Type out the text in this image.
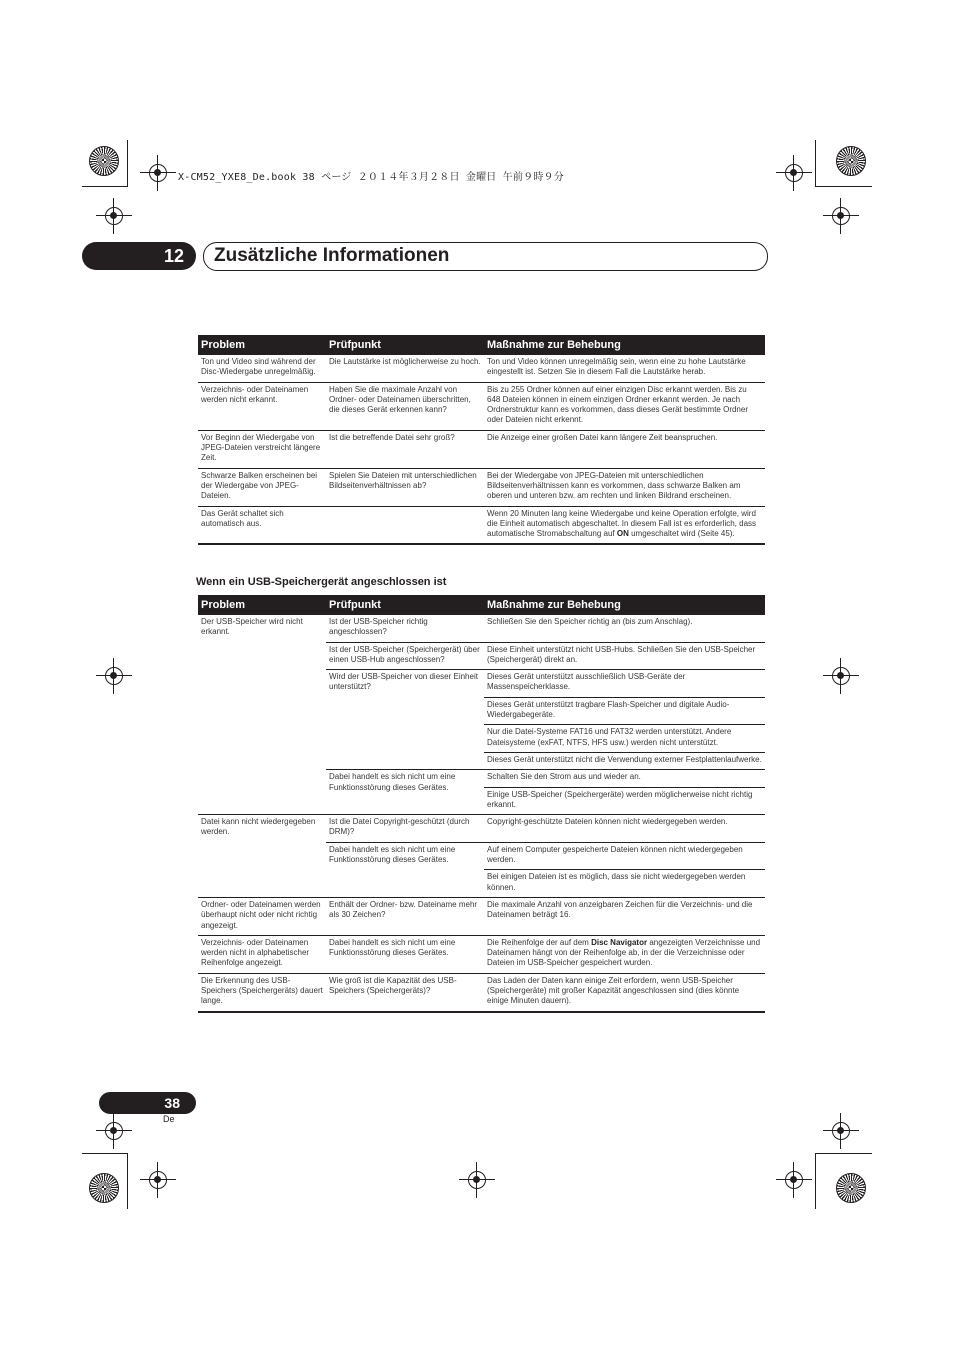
X-CM52_YXE8_De.book 38 ページ ２０１４年３月２８日 金曜日 午前９時９分
12 Zusätzliche Informationen
Problem	Prüfpunkt	Maßnahme zur Behebung
Ton und Video sind während der Disc-Wiedergabe unregelmäßig.	Die Lautstärke ist möglicherweise zu hoch.	Ton und Video können unregelmäßig sein, wenn eine zu hohe Lautstärke eingestellt ist. Setzen Sie in diesem Fall die Lautstärke herab.
Verzeichnis- oder Dateinamen werden nicht erkannt.	Haben Sie die maximale Anzahl von Ordner- oder Dateinamen überschritten, die dieses Gerät erkennen kann?	Bis zu 255 Ordner können auf einer einzigen Disc erkannt werden. Bis zu 648 Dateien können in einem einzigen Ordner erkannt werden. Je nach Ordnerstruktur kann es vorkommen, dass dieses Gerät bestimmte Ordner oder Dateien nicht erkennt.
Vor Beginn der Wiedergabe von JPEG-Dateien verstreicht längere Zeit.	Ist die betreffende Datei sehr groß?	Die Anzeige einer großen Datei kann längere Zeit beanspruchen.
Schwarze Balken erscheinen bei der Wiedergabe von JPEG-Dateien.	Spielen Sie Dateien mit unterschiedlichen Bildseitenverhältnissen ab?	Bei der Wiedergabe von JPEG-Dateien mit unterschiedlichen Bildseitenverhältnissen kann es vorkommen, dass schwarze Balken am oberen und unteren bzw. am rechten und linken Bildrand erscheinen.
Das Gerät schaltet sich automatisch aus.		Wenn 20 Minuten lang keine Wiedergabe und keine Operation erfolgte, wird die Einheit automatisch abgeschaltet. In diesem Fall ist es erforderlich, dass automatische Stromabschaltung auf ON umgeschaltet wird (Seite 45).
Wenn ein USB-Speichergerät angeschlossen ist
Problem	Prüfpunkt	Maßnahme zur Behebung
Der USB-Speicher wird nicht erkannt.	Ist der USB-Speicher richtig angeschlossen?	Schließen Sie den Speicher richtig an (bis zum Anschlag).
	Ist der USB-Speicher (Speichergerät) über einen USB-Hub angeschlossen?	Diese Einheit unterstützt nicht USB-Hubs. Schließen Sie den USB-Speicher (Speichergerät) direkt an.
	Wird der USB-Speicher von dieser Einheit unterstützt?	Dieses Gerät unterstützt ausschließlich USB-Geräte der Massenspeicherklasse.
		Dieses Gerät unterstützt tragbare Flash-Speicher und digitale Audio-Wiedergabegeräte.
		Nur die Datei-Systeme FAT16 und FAT32 werden unterstützt. Andere Dateisysteme (exFAT, NTFS, HFS usw.) werden nicht unterstützt.
		Dieses Gerät unterstützt nicht die Verwendung externer Festplattenlaufwerke.
	Dabei handelt es sich nicht um eine Funktionsstörung dieses Gerätes.	Schalten Sie den Strom aus und wieder an.
		Einige USB-Speicher (Speichergeräte) werden möglicherweise nicht richtig erkannt.
Datei kann nicht wiedergegeben werden.	Ist die Datei Copyright-geschützt (durch DRM)?	Copyright-geschützte Dateien können nicht wiedergegeben werden.
	Dabei handelt es sich nicht um eine Funktionsstörung dieses Gerätes.	Auf einem Computer gespeicherte Dateien können nicht wiedergegeben werden.
		Bei einigen Dateien ist es möglich, dass sie nicht wiedergegeben werden können.
Ordner- oder Dateinamen werden überhaupt nicht oder nicht richtig angezeigt.	Enthält der Ordner- bzw. Dateiname mehr als 30 Zeichen?	Die maximale Anzahl von anzeigbaren Zeichen für die Verzeichnis- und die Dateinamen beträgt 16.
Verzeichnis- oder Dateinamen werden nicht in alphabetischer Reihenfolge angezeigt.	Dabei handelt es sich nicht um eine Funktionsstörung dieses Gerätes.	Die Reihenfolge der auf dem Disc Navigator angezeigten Verzeichnisse und Dateinamen hängt von der Reihenfolge ab, in der die Verzeichnisse oder Dateien im USB-Speicher gespeichert wurden.
Die Erkennung des USB-Speichers (Speichergeräts) dauert lange.	Wie groß ist die Kapazität des USB-Speichers (Speichergeräts)?	Das Laden der Daten kann einige Zeit erfordern, wenn USB-Speicher (Speichergeräte) mit großer Kapazität angeschlossen sind (dies könnte einige Minuten dauern).
38
De
